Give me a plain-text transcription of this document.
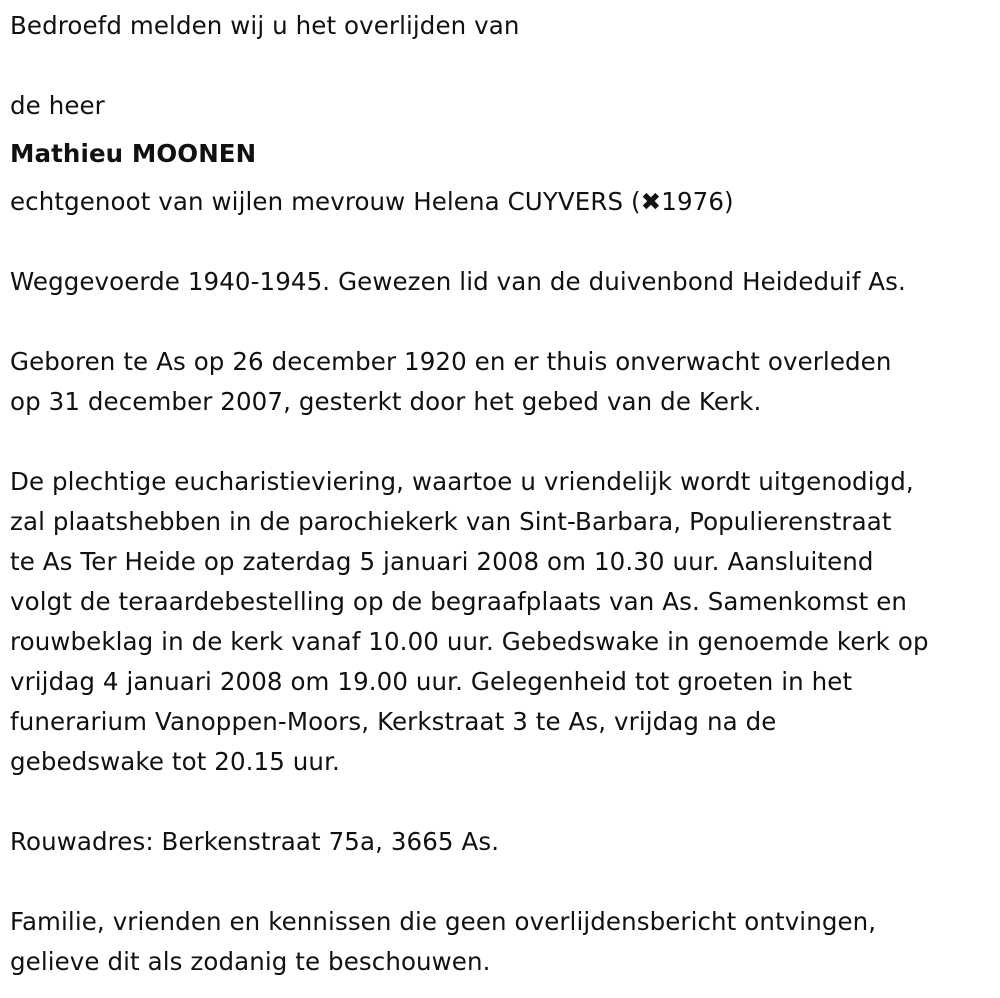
Bedroefd melden wij u het overlijden van
de heer
Mathieu MOONEN
echtgenoot van wijlen mevrouw Helena CUYVERS (✖1976)
Weggevoerde 1940-1945. Gewezen lid van de duivenbond Heideduif As.
Geboren te As op 26 december 1920 en er thuis onverwacht overleden
op 31 december 2007, gesterkt door het gebed van de Kerk.
De plechtige eucharistieviering, waartoe u vriendelijk wordt uitgenodigd,
zal plaatshebben in de parochiekerk van Sint-Barbara, Populierenstraat
te As Ter Heide op zaterdag 5 januari 2008 om 10.30 uur. Aansluitend
volgt de teraardebestelling op de begraafplaats van As. Samenkomst en
rouwbeklag in de kerk vanaf 10.00 uur. Gebedswake in genoemde kerk op
vrijdag 4 januari 2008 om 19.00 uur. Gelegenheid tot groeten in het
funerarium Vanoppen-Moors, Kerkstraat 3 te As, vrijdag na de
gebedswake tot 20.15 uur.
Rouwadres: Berkenstraat 75a, 3665 As.
Familie, vrienden en kennissen die geen overlijdensbericht ontvingen,
gelieve dit als zodanig te beschouwen.
